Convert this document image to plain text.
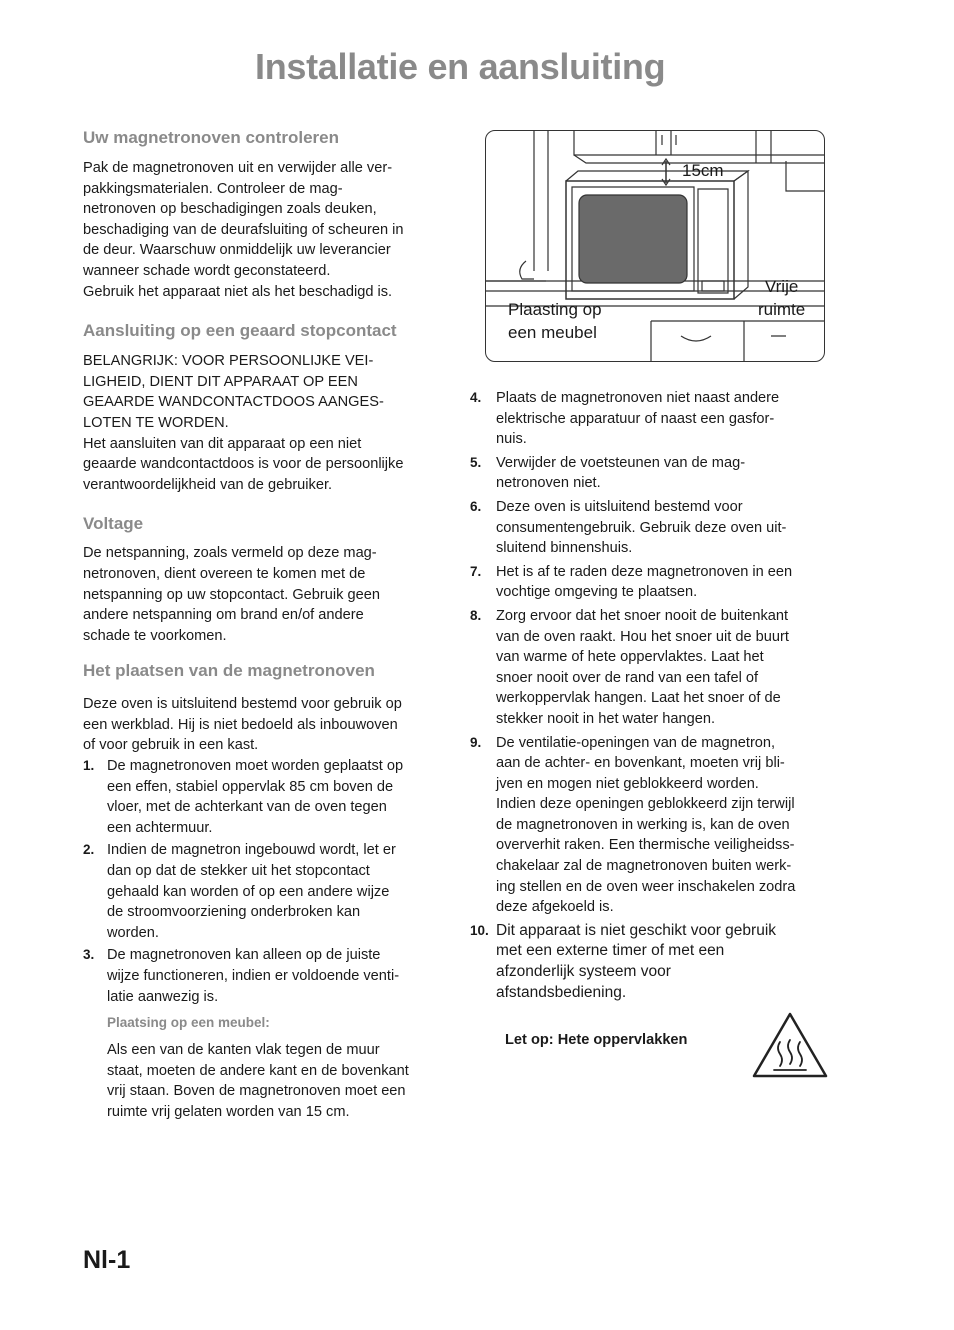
Installatie en aansluiting
Uw magnetronoven controleren

Pak de magnetronoven uit en verwijder alle ver-
pakkingsmaterialen. Controleer de mag-
netronoven op beschadigingen zoals deuken,
beschadiging van de deurafsluiting of scheuren in
de deur. Waarschuw onmiddelijk uw leverancier
wanneer schade wordt geconstateerd.
Gebruik het apparaat niet als het beschadigd is.

Aansluiting op een geaard stopcontact

BELANGRIJK: VOOR PERSOONLIJKE VEI-
LIGHEID, DIENT DIT APPARAAT OP EEN
GEAARDE WANDCONTACTDOOS AANGES-
LOTEN TE WORDEN.
Het aansluiten van dit apparaat op een niet
geaarde wandcontactdoos is voor de persoonlijke
verantwoordelijkheid van de gebruiker.

Voltage

De netspanning, zoals vermeld op deze mag-
netronoven, dient overeen te komen met de
netspanning op uw stopcontact. Gebruik geen
andere netspanning om brand en/of andere
schade te voorkomen.

Het plaatsen van de magnetronoven

Deze oven is uitsluitend bestemd voor gebruik op
een werkblad. Hij is niet bedoeld als inbouwoven
of voor gebruik in een kast.

1. De magnetronoven moet worden geplaatst op
een effen, stabiel oppervlak 85 cm boven de
vloer, met de achterkant van de oven tegen
een achtermuur.
2. Indien de magnetron ingebouwd wordt, let er
dan op dat de stekker uit het stopcontact
gehaald kan worden of op een andere wijze
de stroomvoorziening onderbroken kan
worden.
3. De magnetronoven kan alleen op de juiste
wijze functioneren, indien er voldoende venti-
latie aanwezig is.
Plaatsing op een meubel:

Als een van de kanten vlak tegen de muur
staat, moeten de andere kant en de bovenkant
vrij staan. Boven de magnetronoven moet een
ruimte vrij gelaten worden van 15 cm.

15cm
Vrije
ruimte
Plaasting op
een meubel
4.	Plaats de magnetronoven niet naast andere
elektrische apparatuur of naast een gasfor-
nuis.
5.	Verwijder de voetsteunen van de mag-
netronoven niet.
6.	Deze oven is uitsluitend bestemd voor
consumentengebruik. Gebruik deze oven uit-
sluitend binnenshuis.
7.	Het is af te raden deze magnetronoven in een
vochtige omgeving te plaatsen.
8.	Zorg ervoor dat het snoer nooit de buitenkant
van de oven raakt. Hou het snoer uit de buurt
van warme of hete oppervlaktes. Laat het
snoer nooit over de rand van een tafel of
werkoppervlak hangen. Laat het snoer of de
stekker nooit in het water hangen.
9.	De ventilatie-openingen van de magnetron,
aan de achter- en bovenkant, moeten vrij bli-
jven en mogen niet geblokkeerd worden.
Indien deze openingen geblokkeerd zijn terwijl
de magnetronoven in werking is, kan de oven
oververhit raken. Een thermische veiligheidss-
chakelaar zal de magnetronoven buiten werk-
ing stellen en de oven weer inschakelen zodra
deze afgekoeld is.
10. Dit apparaat is niet geschikt voor gebruik
met een externe timer of met een
afzonderlijk systeem voor
afstandsbediening.
Let op: Hete oppervlakken
Nl-1
